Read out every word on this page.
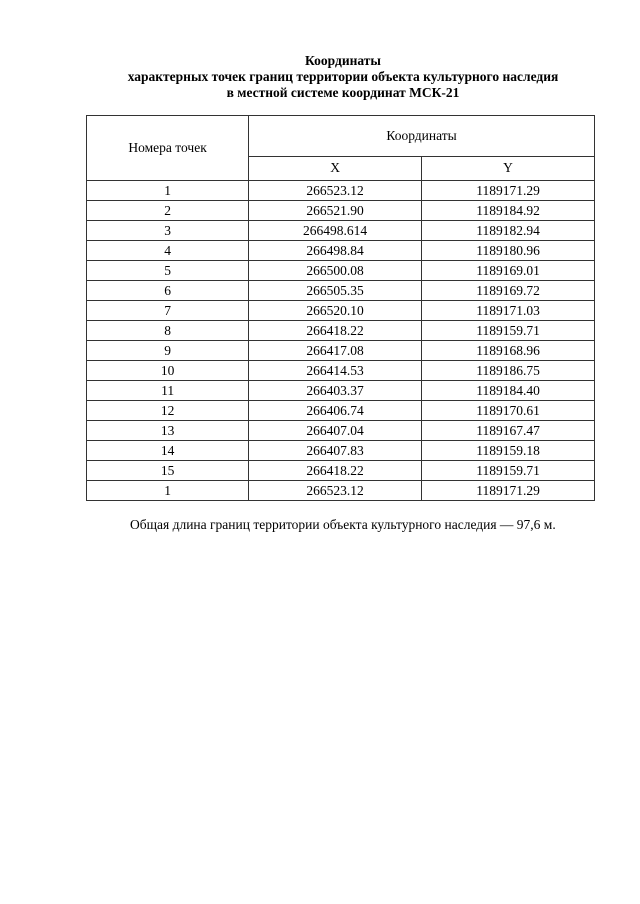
Координаты
характерных точек границ территории объекта культурного наследия
в местной системе координат МСК-21
Номера точек	Координаты	
	X	Y
1	266523.12	1189171.29
2	266521.90	1189184.92
3	266498.614	1189182.94
4	266498.84	1189180.96
5	266500.08	1189169.01
6	266505.35	1189169.72
7	266520.10	1189171.03
8	266418.22	1189159.71
9	266417.08	1189168.96
10	266414.53	1189186.75
11	266403.37	1189184.40
12	266406.74	1189170.61
13	266407.04	1189167.47
14	266407.83	1189159.18
15	266418.22	1189159.71
1	266523.12	1189171.29
Общая длина границ территории объекта культурного наследия — 97,6 м.
